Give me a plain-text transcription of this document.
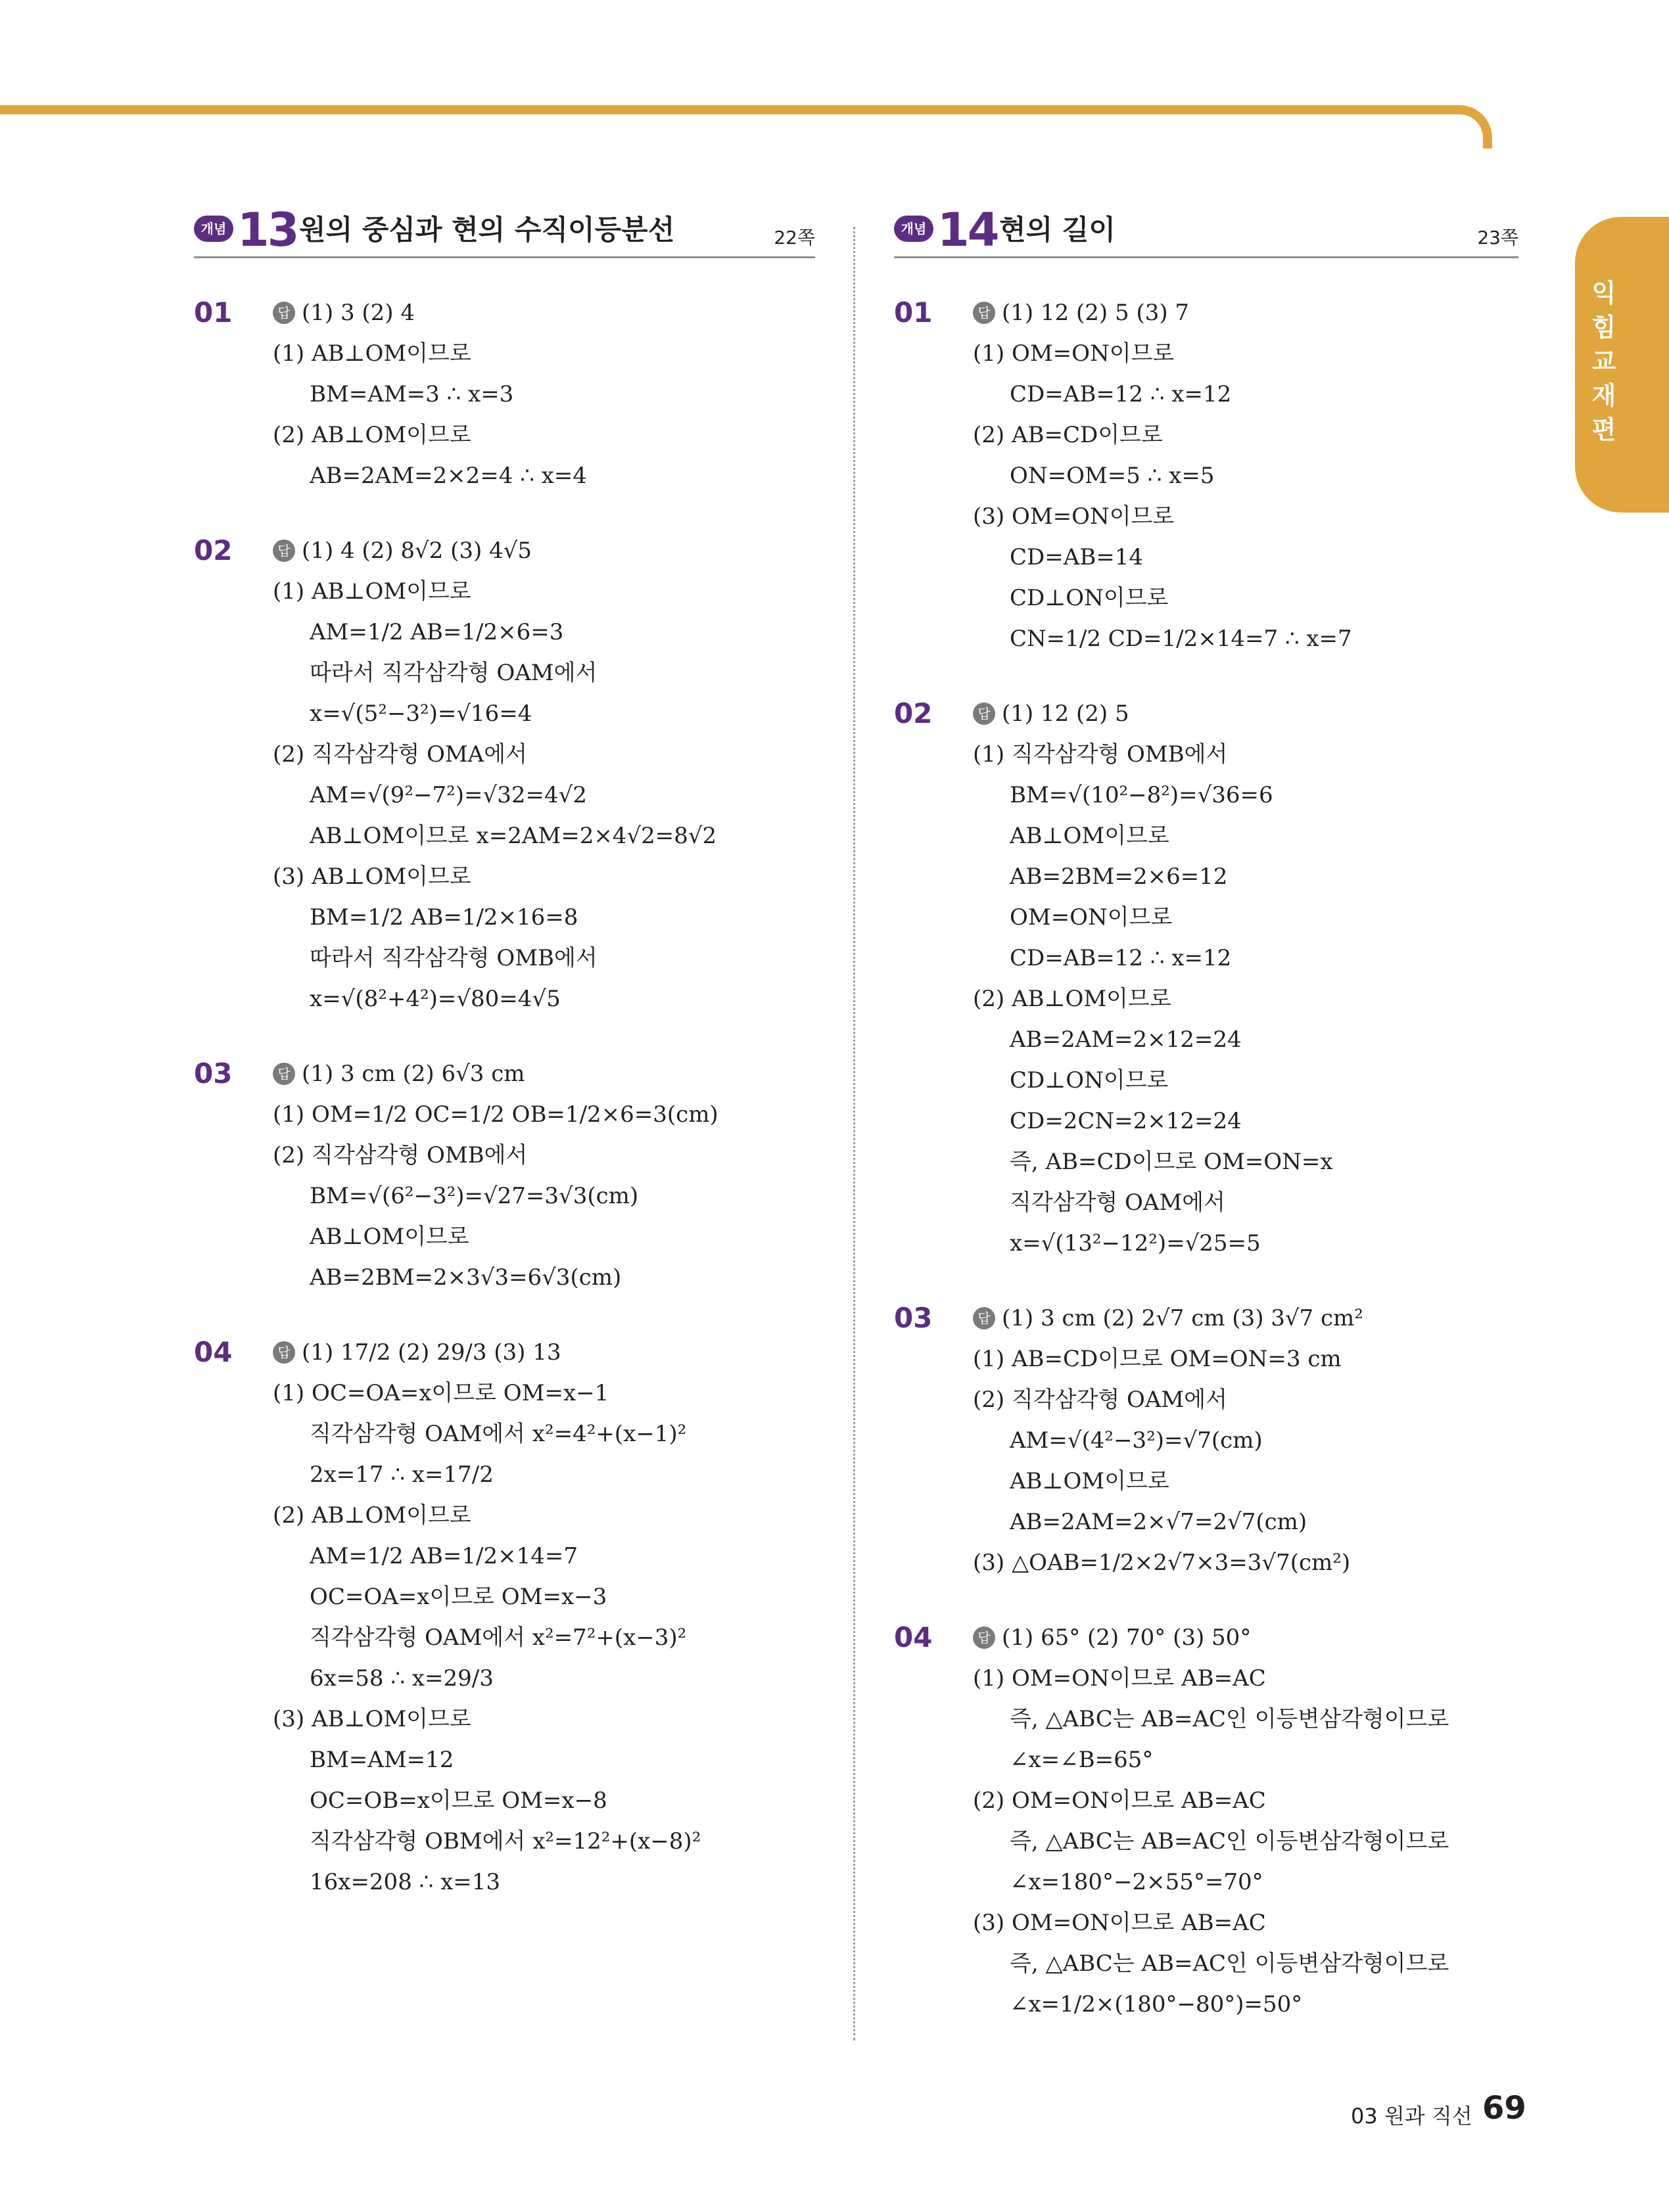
익힘교재편
개념 13 원의 중심과 현의 수직이등분선	22쪽
01	답 (1) 3 (2) 4
(1) AB⊥OM이므로
BM=AM=3 ∴ x=3
(2) AB⊥OM이므로
AB=2AM=2×2=4 ∴ x=4
02	답 (1) 4 (2) 8√2 (3) 4√5
(1) AB⊥OM이므로
AM=1/2 AB=1/2×6=3
따라서 직각삼각형 OAM에서
x=√(5²−3²)=√16=4
(2) 직각삼각형 OMA에서
AM=√(9²−7²)=√32=4√2
AB⊥OM이므로 x=2AM=2×4√2=8√2
(3) AB⊥OM이므로
BM=1/2 AB=1/2×16=8
따라서 직각삼각형 OMB에서
x=√(8²+4²)=√80=4√5
03	답 (1) 3 cm (2) 6√3 cm
(1) OM=1/2 OC=1/2 OB=1/2×6=3(cm)
(2) 직각삼각형 OMB에서
BM=√(6²−3²)=√27=3√3(cm)
AB⊥OM이므로
AB=2BM=2×3√3=6√3(cm)
04	답 (1) 17/2 (2) 29/3 (3) 13
(1) OC=OA=x이므로 OM=x−1
직각삼각형 OAM에서 x²=4²+(x−1)²
2x=17 ∴ x=17/2
(2) AB⊥OM이므로
AM=1/2 AB=1/2×14=7
OC=OA=x이므로 OM=x−3
직각삼각형 OAM에서 x²=7²+(x−3)²
6x=58 ∴ x=29/3
(3) AB⊥OM이므로
BM=AM=12
OC=OB=x이므로 OM=x−8
직각삼각형 OBM에서 x²=12²+(x−8)²
16x=208 ∴ x=13
개념 14 현의 길이	23쪽
01	답 (1) 12 (2) 5 (3) 7
(1) OM=ON이므로
CD=AB=12 ∴ x=12
(2) AB=CD이므로
ON=OM=5 ∴ x=5
(3) OM=ON이므로
CD=AB=14
CD⊥ON이므로
CN=1/2 CD=1/2×14=7 ∴ x=7
02	답 (1) 12 (2) 5
(1) 직각삼각형 OMB에서
BM=√(10²−8²)=√36=6
AB⊥OM이므로
AB=2BM=2×6=12
OM=ON이므로
CD=AB=12 ∴ x=12
(2) AB⊥OM이므로
AB=2AM=2×12=24
CD⊥ON이므로
CD=2CN=2×12=24
즉, AB=CD이므로 OM=ON=x
직각삼각형 OAM에서
x=√(13²−12²)=√25=5
03	답 (1) 3 cm (2) 2√7 cm (3) 3√7 cm²
(1) AB=CD이므로 OM=ON=3 cm
(2) 직각삼각형 OAM에서
AM=√(4²−3²)=√7(cm)
AB⊥OM이므로
AB=2AM=2×√7=2√7(cm)
(3) △OAB=1/2×2√7×3=3√7(cm²)
04	답 (1) 65° (2) 70° (3) 50°
(1) OM=ON이므로 AB=AC
즉, △ABC는 AB=AC인 이등변삼각형이므로
∠x=∠B=65°
(2) OM=ON이므로 AB=AC
즉, △ABC는 AB=AC인 이등변삼각형이므로
∠x=180°−2×55°=70°
(3) OM=ON이므로 AB=AC
즉, △ABC는 AB=AC인 이등변삼각형이므로
∠x=1/2×(180°−80°)=50°
03 원과 직선 69
